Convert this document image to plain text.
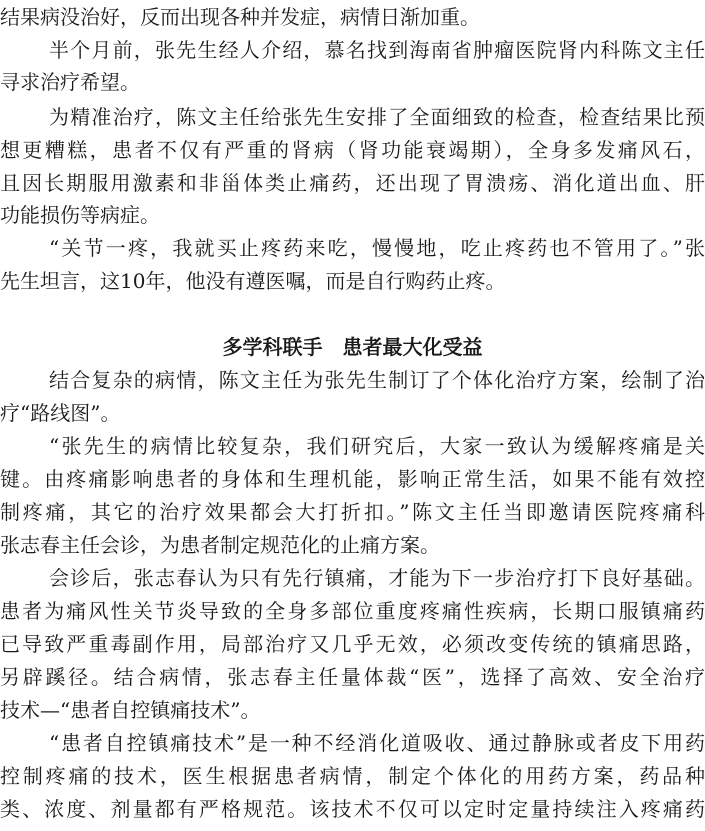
结果病没治好，反而出现各种并发症，病情日渐加重。

半个月前，张先生经人介绍，慕名找到海南省肿瘤医院肾内科陈文主任

寻求治疗希望。

为精准治疗，陈文主任给张先生安排了全面细致的检查，检查结果比预

想更糟糕，患者不仅有严重的肾病（肾功能衰竭期），全身多发痛风石，

且因长期服用激素和非甾体类止痛药，还出现了胃溃疡、消化道出血、肝

功能损伤等病症。

“关节一疼，我就买止疼药来吃，慢慢地，吃止疼药也不管用了。”张

先生坦言，这10年，他没有遵医嘱，而是自行购药止疼。

多学科联手　患者最大化受益

结合复杂的病情，陈文主任为张先生制订了个体化治疗方案，绘制了治

疗“路线图”。

“张先生的病情比较复杂，我们研究后，大家一致认为缓解疼痛是关

键。由疼痛影响患者的身体和生理机能，影响正常生活，如果不能有效控

制疼痛，其它的治疗效果都会大打折扣。”陈文主任当即邀请医院疼痛科

张志春主任会诊，为患者制定规范化的止痛方案。

会诊后，张志春认为只有先行镇痛，才能为下一步治疗打下良好基础。

患者为痛风性关节炎导致的全身多部位重度疼痛性疾病，长期口服镇痛药

已导致严重毒副作用，局部治疗又几乎无效，必须改变传统的镇痛思路，

另辟蹊径。结合病情，张志春主任量体裁“医”，选择了高效、安全治疗

技术—“患者自控镇痛技术”。

“患者自控镇痛技术”是一种不经消化道吸收、通过静脉或者皮下用药

控制疼痛的技术，医生根据患者病情，制定个体化的用药方案，药品种

类、浓度、剂量都有严格规范。该技术不仅可以定时定量持续注入疼痛药
